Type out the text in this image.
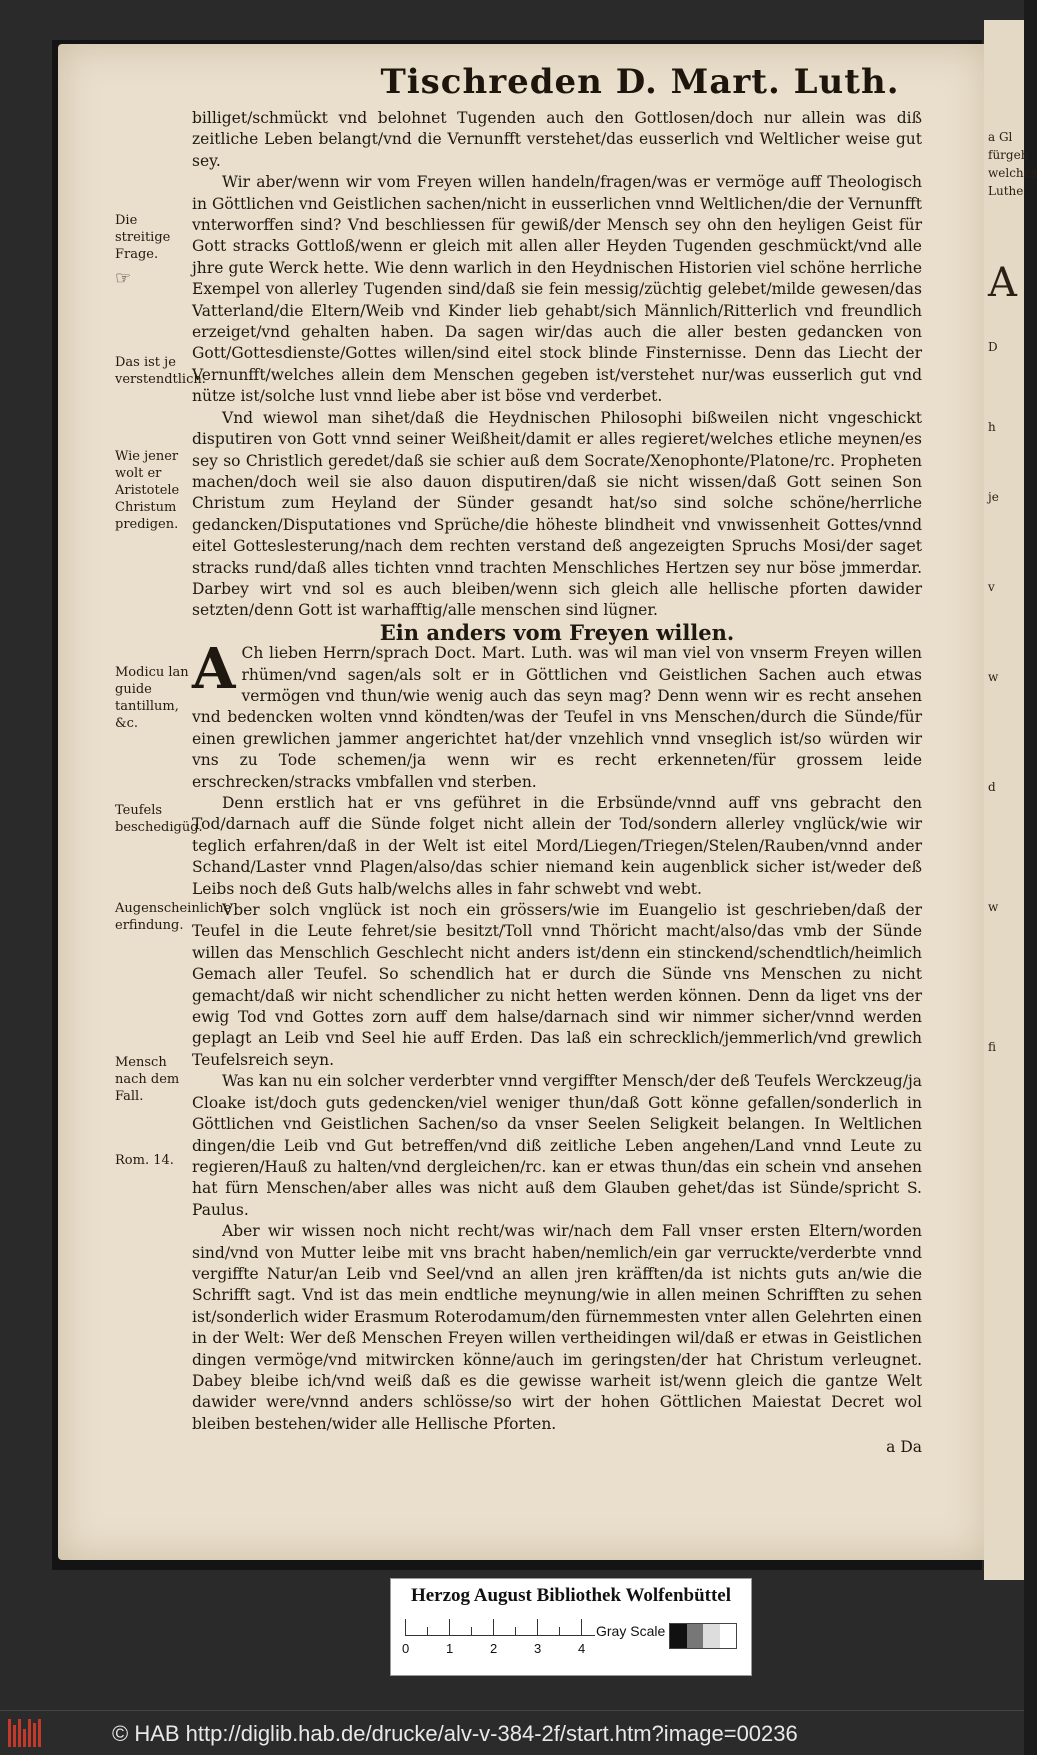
a Gl
fürgeh
welches
Luthe
A
D
h
je
v
w
d
w
fi
Tischreden D. Mart. Luth.
Die streitige Frage.
☞
Das ist je verstendtlich.
Wie jener wolt er Aristotele Christum predigen.
Modicu lan guide tantillum, &c.
Teufels beschedigüg.
Augenscheinliche erfindung.
Mensch nach dem Fall.
Rom. 14.

billiget/schmückt vnd belohnet Tugenden auch den Gottlosen/doch nur allein was diß zeitliche Leben belangt/vnd die Vernunfft verstehet/das eusserlich vnd Weltlicher weise gut sey.

Wir aber/wenn wir vom Freyen willen handeln/fragen/was er vermöge auff Theologisch in Göttlichen vnd Geistlichen sachen/nicht in eusserlichen vnnd Weltlichen/die der Vernunfft vnterworffen sind? Vnd beschliessen für gewiß/der Mensch sey ohn den heyligen Geist für Gott stracks Gottloß/wenn er gleich mit allen aller Heyden Tugenden geschmückt/vnd alle jhre gute Werck hette. Wie denn warlich in den Heydnischen Historien viel schöne herrliche Exempel von allerley Tugenden sind/daß sie fein messig/züchtig gelebet/milde gewesen/das Vatterland/die Eltern/Weib vnd Kinder lieb gehabt/sich Männlich/Ritterlich vnd freundlich erzeiget/vnd gehalten haben. Da sagen wir/das auch die aller besten gedancken von Gott/Gottesdienste/Gottes willen/sind eitel stock blinde Finsternisse. Denn das Liecht der Vernunfft/welches allein dem Menschen gegeben ist/verstehet nur/was eusserlich gut vnd nütze ist/solche lust vnnd liebe aber ist böse vnd verderbet.

Vnd wiewol man sihet/daß die Heydnischen Philosophi bißweilen nicht vngeschickt disputiren von Gott vnnd seiner Weißheit/damit er alles regieret/welches etliche meynen/es sey so Christlich geredet/daß sie schier auß dem Socrate/Xenophonte/Platone/rc. Propheten machen/doch weil sie also dauon disputiren/daß sie nicht wissen/daß Gott seinen Son Christum zum Heyland der Sünder gesandt hat/so sind solche schöne/herrliche gedancken/Disputationes vnd Sprüche/die höheste blindheit vnd vnwissenheit Gottes/vnnd eitel Gotteslesterung/nach dem rechten verstand deß angezeigten Spruchs Mosi/der saget stracks rund/daß alles tichten vnnd trachten Menschliches Hertzen sey nur böse jmmerdar. Darbey wirt vnd sol es auch bleiben/wenn sich gleich alle hellische pforten dawider setzten/denn Gott ist warhafftig/alle menschen sind lügner.

Ein anders vom Freyen willen.

A Ch lieben Herrn/sprach Doct. Mart. Luth. was wil man viel von vnserm Freyen willen rhümen/vnd sagen/als solt er in Göttlichen vnd Geistlichen Sachen auch etwas vermögen vnd thun/wie wenig auch das seyn mag? Denn wenn wir es recht ansehen vnd bedencken wolten vnnd köndten/was der Teufel in vns Menschen/durch die Sünde/für einen grewlichen jammer angerichtet hat/der vnzehlich vnnd vnseglich ist/so würden wir vns zu Tode schemen/ja wenn wir es recht erkenneten/für grossem leide erschrecken/stracks vmbfallen vnd sterben.

Denn erstlich hat er vns geführet in die Erbsünde/vnnd auff vns gebracht den Tod/darnach auff die Sünde folget nicht allein der Tod/sondern allerley vnglück/wie wir teglich erfahren/daß in der Welt ist eitel Mord/Liegen/Triegen/Stelen/Rauben/vnnd ander Schand/Laster vnnd Plagen/also/das schier niemand kein augenblick sicher ist/weder deß Leibs noch deß Guts halb/welchs alles in fahr schwebt vnd webt.

Vber solch vnglück ist noch ein grössers/wie im Euangelio ist geschrieben/daß der Teufel in die Leute fehret/sie besitzt/Toll vnnd Thöricht macht/also/das vmb der Sünde willen das Menschlich Geschlecht nicht anders ist/denn ein stinckend/schendtlich/heimlich Gemach aller Teufel. So schendlich hat er durch die Sünde vns Menschen zu nicht gemacht/daß wir nicht schendlicher zu nicht hetten werden können. Denn da liget vns der ewig Tod vnd Gottes zorn auff dem halse/darnach sind wir nimmer sicher/vnnd werden geplagt an Leib vnd Seel hie auff Erden. Das laß ein schrecklich/jemmerlich/vnd grewlich Teufelsreich seyn.

Was kan nu ein solcher verderbter vnnd vergiffter Mensch/der deß Teufels Werckzeug/ja Cloake ist/doch guts gedencken/viel weniger thun/daß Gott könne gefallen/sonderlich in Göttlichen vnd Geistlichen Sachen/so da vnser Seelen Seligkeit belangen. In Weltlichen dingen/die Leib vnd Gut betreffen/vnd diß zeitliche Leben angehen/Land vnnd Leute zu regieren/Hauß zu halten/vnd dergleichen/rc. kan er etwas thun/das ein schein vnd ansehen hat fürn Menschen/aber alles was nicht auß dem Glauben gehet/das ist Sünde/spricht S. Paulus.

Aber wir wissen noch nicht recht/was wir/nach dem Fall vnser ersten Eltern/worden sind/vnd von Mutter leibe mit vns bracht haben/nemlich/ein gar verruckte/verderbte vnnd vergiffte Natur/an Leib vnd Seel/vnd an allen jren kräfften/da ist nichts guts an/wie die Schrifft sagt. Vnd ist das mein endtliche meynung/wie in allen meinen Schrifften zu sehen ist/sonderlich wider Erasmum Roterodamum/den fürnemmesten vnter allen Gelehrten einen in der Welt: Wer deß Menschen Freyen willen vertheidingen wil/daß er etwas in Geistlichen dingen vermöge/vnd mitwircken könne/auch im geringsten/der hat Christum verleugnet. Dabey bleibe ich/vnd weiß daß es die gewisse warheit ist/wenn gleich die gantze Welt dawider were/vnnd anders schlösse/so wirt der hohen Göttlichen Maiestat Decret wol bleiben bestehen/wider alle Hellische Pforten.

a Da
Herzog August Bibliothek Wolfenbüttel
0	1	2	3	4
Gray Scale
© HAB http://diglib.hab.de/drucke/alv-v-384-2f/start.htm?image=00236
